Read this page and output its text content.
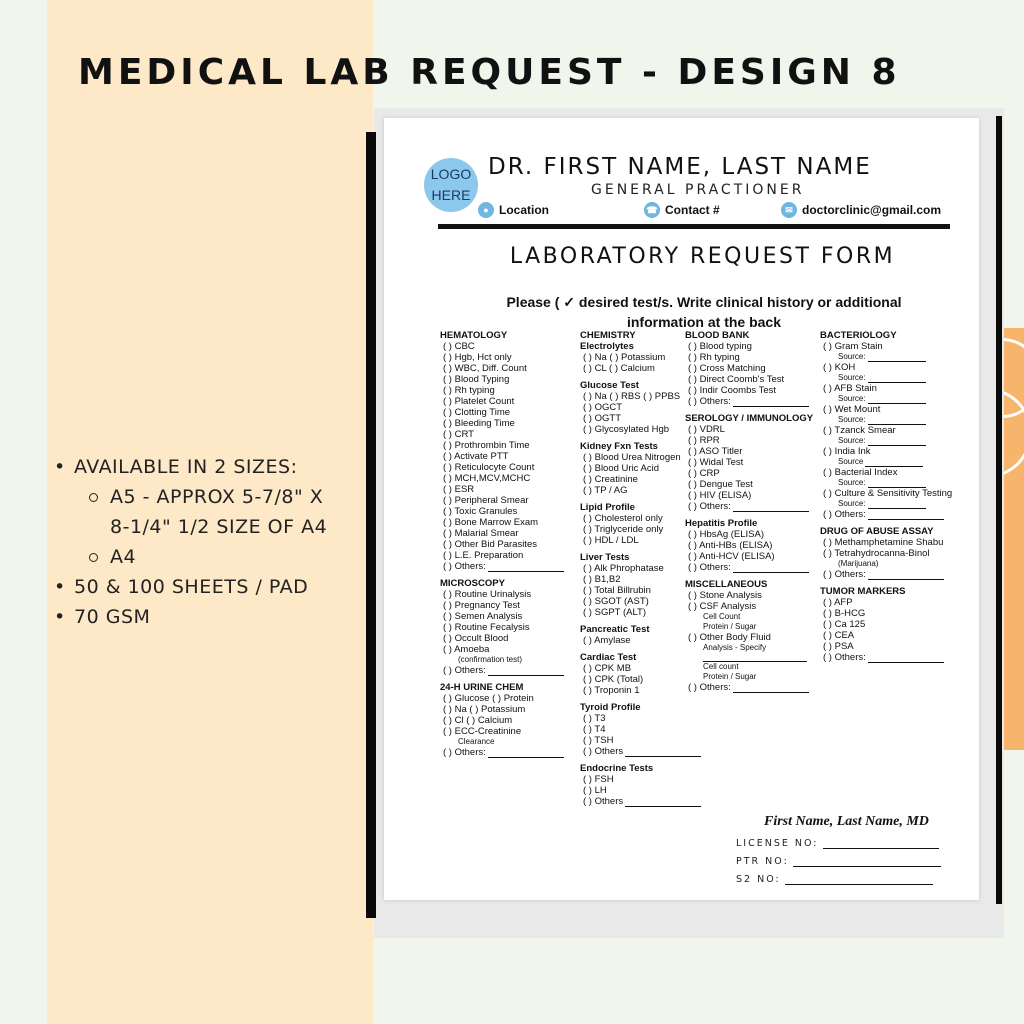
MEDICAL LAB REQUEST - DESIGN 8
• AVAILABLE IN 2 SIZES:
A5 - APPROX 5-7/8" X
8-1/4" 1/2 SIZE OF A4
A4
• 50 & 100 SHEETS / PAD
• 70 GSM
LOGO
HERE
DR. FIRST NAME, LAST NAME
GENERAL PRACTIONER
● Location	☎ Contact #	✉ doctorclinic@gmail.com
LABORATORY REQUEST FORM
Please ( ✓ desired test/s. Write clinical history or additional
information at the back
HEMATOLOGY
( ) CBC
( ) Hgb, Hct only
( ) WBC, Diff. Count
( ) Blood Typing
( ) Rh typing
( ) Platelet Count
( ) Clotting Time
( ) Bleeding Time
( ) CRT
( ) Prothrombin Time
( ) Activate PTT
( ) Reticulocyte Count
( ) MCH,MCV,MCHC
( ) ESR
( ) Peripheral Smear
( ) Toxic Granules
( ) Bone Marrow Exam
( ) Malarial Smear
( ) Other Bid Parasites
( ) L.E. Preparation
( ) Others:
MICROSCOPY
( ) Routine Urinalysis
( ) Pregnancy Test
( ) Semen Analysis
( ) Routine Fecalysis
( ) Occult Blood
( ) Amoeba
(confirmation test)
( ) Others:
24-H URINE CHEM
( ) Glucose ( ) Protein
( ) Na ( ) Potassium
( ) Cl ( ) Calcium
( ) ECC-Creatinine
Clearance
( ) Others:
CHEMISTRY
Electrolytes
( ) Na ( ) Potassium
( ) CL ( ) Calcium
Glucose Test
( ) Na ( ) RBS ( ) PPBS
( ) OGCT
( ) OGTT
( ) Glycosylated Hgb
Kidney Fxn Tests
( ) Blood Urea Nitrogen
( ) Blood Uric Acid
( ) Creatinine
( ) TP / AG
Lipid Profile
( ) Cholesterol only
( ) Triglyceride only
( ) HDL / LDL
Liver Tests
( ) Alk Phrophatase
( ) B1,B2
( ) Total Billrubin
( ) SGOT (AST)
( ) SGPT (ALT)
Pancreatic Test
( ) Amylase
Cardiac Test
( ) CPK MB
( ) CPK (Total)
( ) Troponin 1
Tyroid Profile
( ) T3
( ) T4
( ) TSH
( ) Others
Endocrine Tests
( ) FSH
( ) LH
( ) Others
BLOOD BANK
( ) Blood typing
( ) Rh typing
( ) Cross Matching
( ) Direct Coomb's Test
( ) Indir Coombs Test
( ) Others:
SEROLOGY / IMMUNOLOGY
( ) VDRL
( ) RPR
( ) ASO Titler
( ) Widal Test
( ) CRP
( ) Dengue Test
( ) HIV (ELISA)
( ) Others:
Hepatitis Profile
( ) HbsAg (ELISA)
( ) Anti-HBs (ELISA)
( ) Anti-HCV (ELISA)
( ) Others:
MISCELLANEOUS
( ) Stone Analysis
( ) CSF Analysis
Cell Count
Protein / Sugar
( ) Other Body Fluid
Analysis - Specify
Cell count
Protein / Sugar
( ) Others:
BACTERIOLOGY
( ) Gram Stain
Source:
( ) KOH
Source:
( ) AFB Stain
Source:
( ) Wet Mount
Source:
( ) Tzanck Smear
Source:
( ) India Ink
Source
( ) Bacterial Index
Source:
( ) Culture & Sensitivity Testing
Source:
( ) Others:
DRUG OF ABUSE ASSAY
( ) Methamphetamine Shabu
( ) Tetrahydrocanna-Binol
(Marijuana)
( ) Others:
TUMOR MARKERS
( ) AFP
( ) B-HCG
( ) Ca 125
( ) CEA
( ) PSA
( ) Others:
First Name, Last Name, MD
LICENSE NO:
PTR NO:
S2 NO:
